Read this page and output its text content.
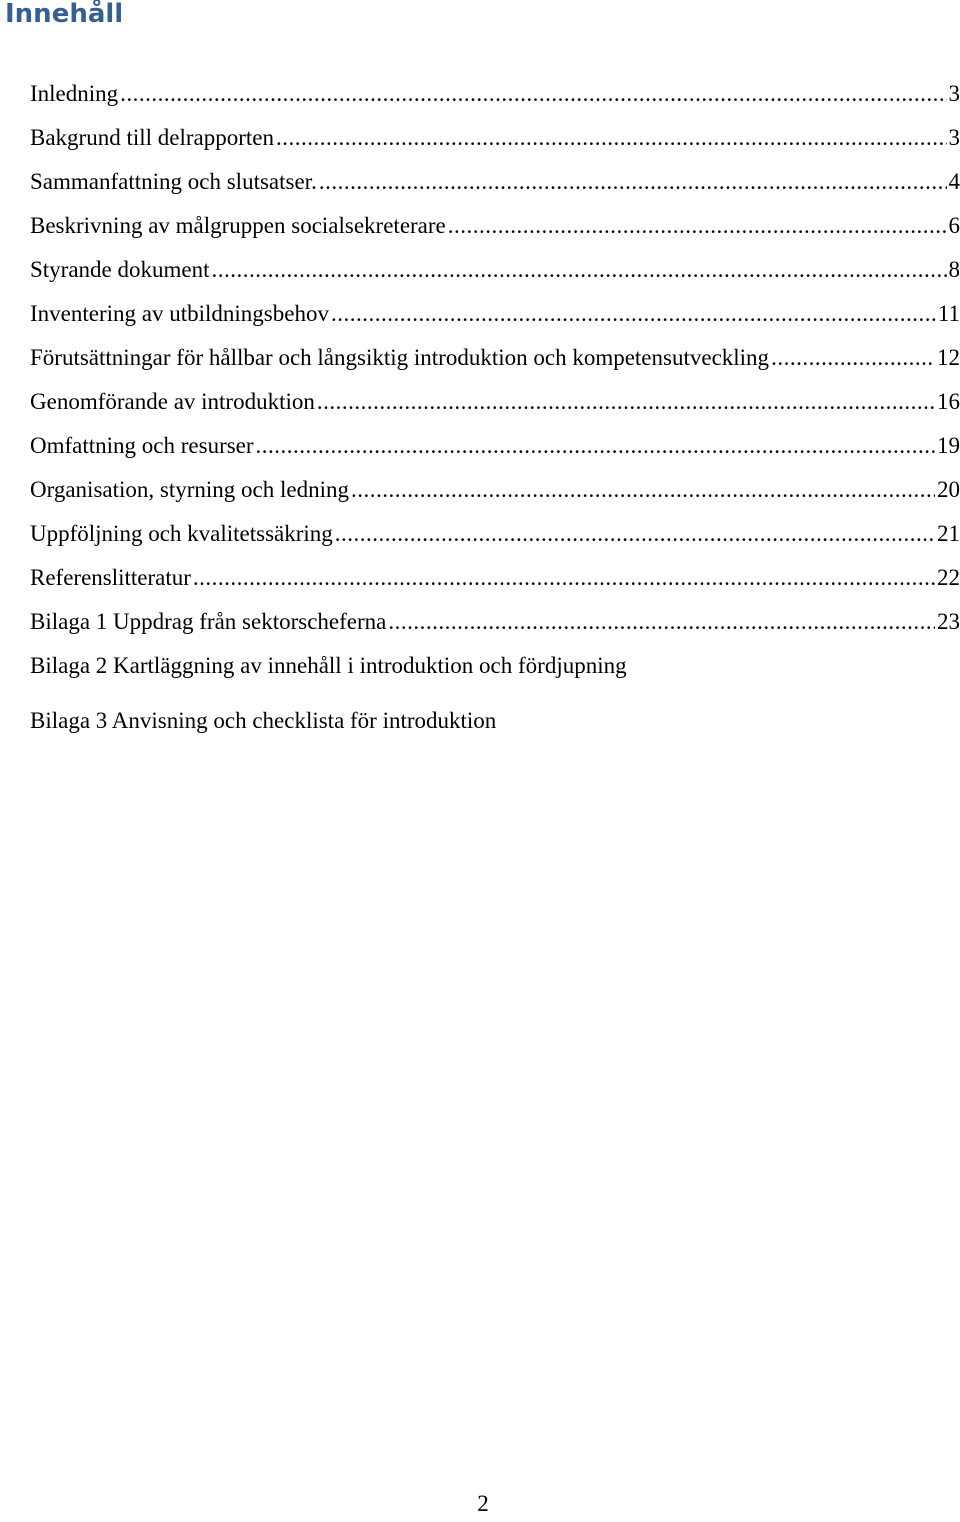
Innehåll
Inledning .....	3
Bakgrund till delrapporten .....	3
Sammanfattning och slutsatser. .....	4
Beskrivning av målgruppen socialsekreterare .....	6
Styrande dokument .....	8
Inventering av utbildningsbehov .....	11
Förutsättningar för hållbar och långsiktig introduktion och kompetensutveckling .....	12
Genomförande av introduktion .....	16
Omfattning och resurser .....	19
Organisation, styrning och ledning .....	20
Uppföljning och kvalitetssäkring .....	21
Referenslitteratur .....	22
Bilaga 1 Uppdrag från sektorscheferna .....	23

Bilaga 2 Kartläggning av innehåll i introduktion och fördjupning

Bilaga 3 Anvisning och checklista för introduktion

2
